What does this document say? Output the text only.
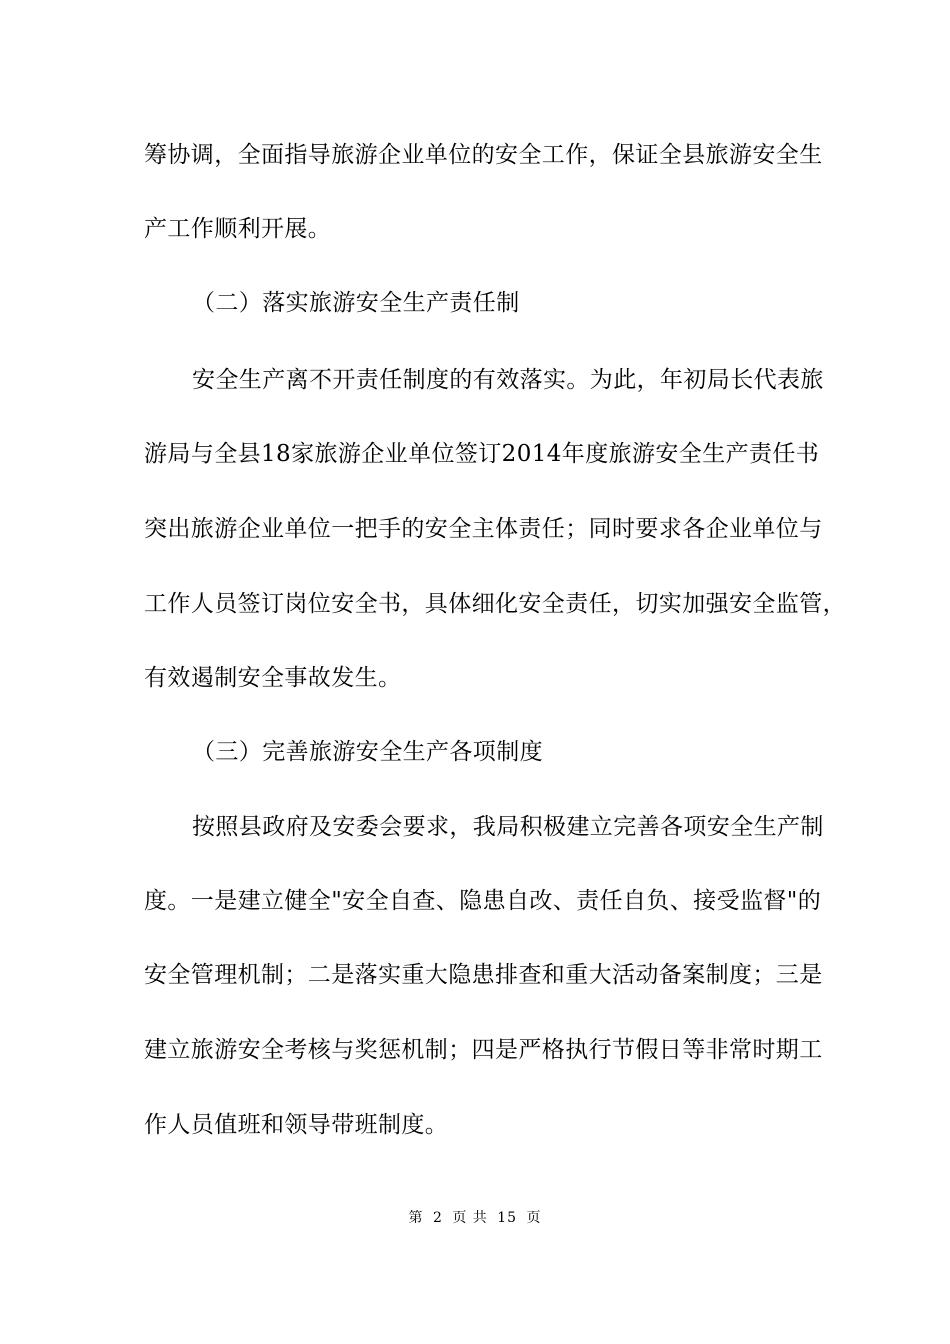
筹协调，全面指导旅游企业单位的安全工作，保证全县旅游安全生
产工作顺利开展。
（二）落实旅游安全生产责任制
安全生产离不开责任制度的有效落实。为此，年初局长代表旅
游局与全县18家旅游企业单位签订2014年度旅游安全生产责任书
突出旅游企业单位一把手的安全主体责任；同时要求各企业单位与
工作人员签订岗位安全书，具体细化安全责任，切实加强安全监管，
有效遏制安全事故发生。
（三）完善旅游安全生产各项制度
按照县政府及安委会要求，我局积极建立完善各项安全生产制
度。一是建立健全"安全自查、隐患自改、责任自负、接受监督"的
安全管理机制；二是落实重大隐患排查和重大活动备案制度；三是
建立旅游安全考核与奖惩机制；四是严格执行节假日等非常时期工
作人员值班和领导带班制度。
第 2 页 共 15 页
